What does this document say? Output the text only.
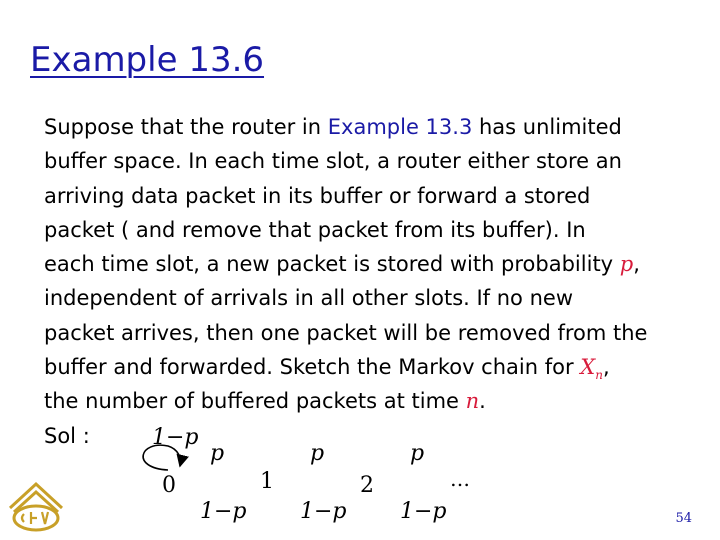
Example 13.6
Suppose that the router in Example 13.3 has unlimited
buffer space. In each time slot, a router either store an
arriving data packet in its buffer or forward a stored
packet ( and remove that packet from its buffer). In
each time slot, a new packet is stored with probability p,
independent of arrivals in all other slots. If no new
packet arrives, then one packet will be removed from the
buffer and forwarded. Sketch the Markov chain for $X_n$,
the number of buffered packets at time n.
Sol :	1−p
0	1	2	…
p	p	p
1−p 1−p 1−p	54
